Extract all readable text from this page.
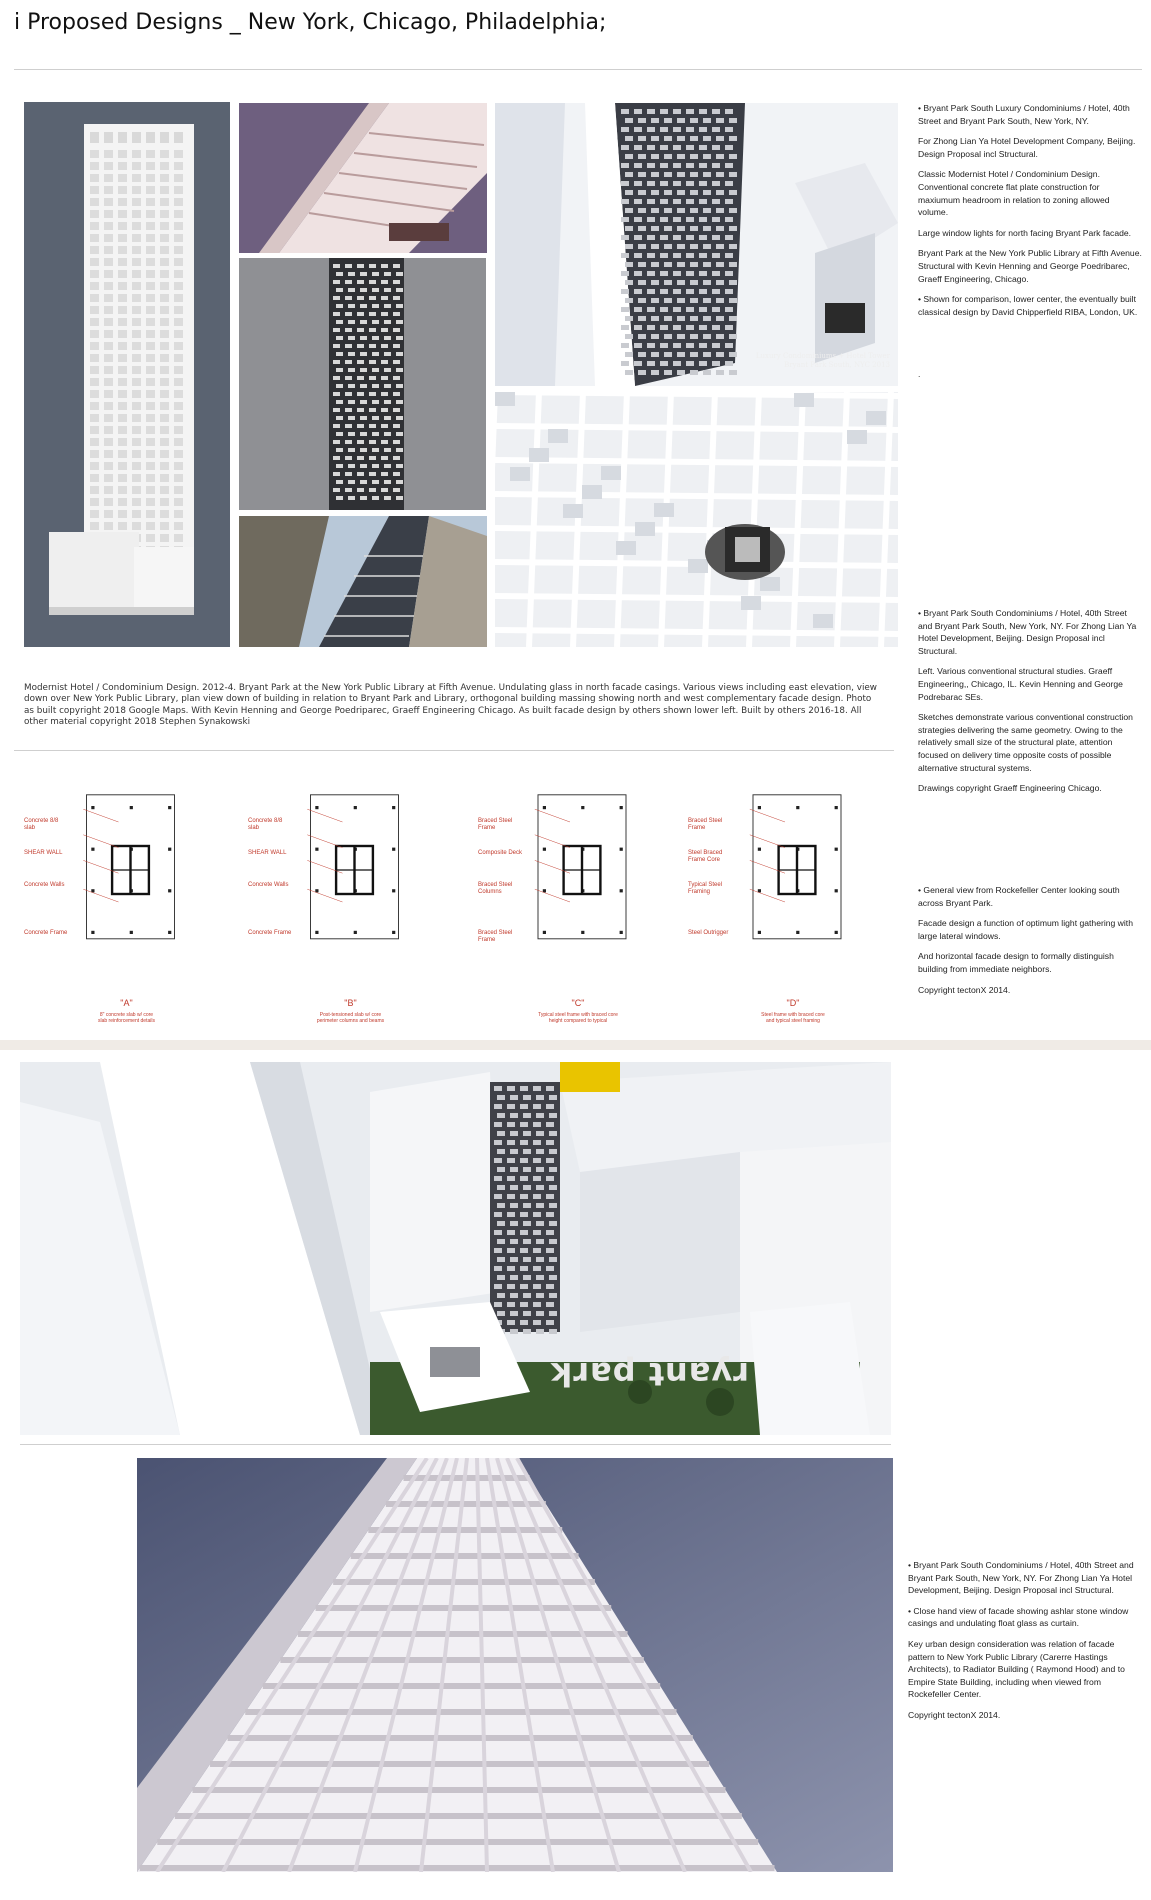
i Proposed Designs _ New York, Chicago, Philadelphia;
Luxury Condominiums + Hotel Tower
Bryant Park South, NYC 2013

• Bryant Park South Luxury Condominiums / Hotel, 40th Street and Bryant Park South, New York, NY.

For Zhong Lian Ya Hotel Development Company, Beijing. Design Proposal incl Structural.

Classic Modernist Hotel / Condominium Design. Conventional concrete flat plate construction for maxiumum headroom in relation to zoning allowed volume.

Large window lights for north facing Bryant Park facade.

Bryant Park at the New York Public Library at Fifth Avenue. Structural with Kevin Henning and George Poedribarec, Graeff Engineering, Chicago.

• Shown for comparison, lower center, the eventually built classical design by David Chipperfield RIBA, London, UK.

.

Modernist Hotel / Condominium Design. 2012-4. Bryant Park at the New York Public Library at Fifth Avenue. Undulating glass in north facade casings. Various views including east elevation, view down over New York Public Library, plan view down of building in relation to Bryant Park and Library, orthogonal building massing showing north and west complementary facade design. Photo as built copyright 2018 Google Maps. With Kevin Henning and George Poedriparec, Graeff Engineering Chicago. As built facade design by others shown lower left. Built by others 2016-18. All other material copyright 2018 Stephen Synakowski
Concrete 8/8 slab
SHEAR WALL
Concrete Walls
Concrete Frame
"A"
8" concrete slab w/ core
slab reinforcement details
Concrete 8/8 slab
SHEAR WALL
Concrete Walls
Concrete Frame
"B"
Post-tensioned slab w/ core
perimeter columns and beams
Braced Steel Frame
Composite Deck
Braced Steel Columns
Braced Steel Frame
"C"
Typical steel frame with braced core
height compared to typical
Braced Steel Frame
Steel Braced Frame Core
Typical Steel Framing
Steel Outrigger
"D"
Steel frame with braced core
and typical steel framing

• Bryant Park South Condominiums / Hotel, 40th Street and Bryant Park South, New York, NY. For Zhong Lian Ya Hotel Development, Beijing. Design Proposal incl Structural.

Left. Various conventional structural studies. Graeff Engineering,, Chicago, IL. Kevin Henning and George Podrebarac SEs.

Sketches demonstrate various conventional construction strategies delivering the same geometry. Owing to the relatively small size of the structural plate, attention focused on delivery time opposite costs of possible alternative structural systems.

Drawings copyright Graeff Engineering Chicago.

• General view from Rockefeller Center looking south across Bryant Park.

Facade design a function of optimum light gathering with large lateral windows.

And horizontal facade design to formally distinguish building from immediate neighbors.

Copyright tectonX 2014.

ryant park

• Bryant Park South Condominiums / Hotel, 40th Street and Bryant Park South, New York, NY. For Zhong Lian Ya Hotel Development, Beijing. Design Proposal incl Structural.

• Close hand view of facade showing ashlar stone window casings and undulating float glass as curtain.

Key urban design consideration was relation of facade pattern to New York Public Library (Carerre Hastings Architects), to Radiator Building ( Raymond Hood) and to Empire State Building, including when viewed from Rockefeller Center.

Copyright tectonX 2014.
